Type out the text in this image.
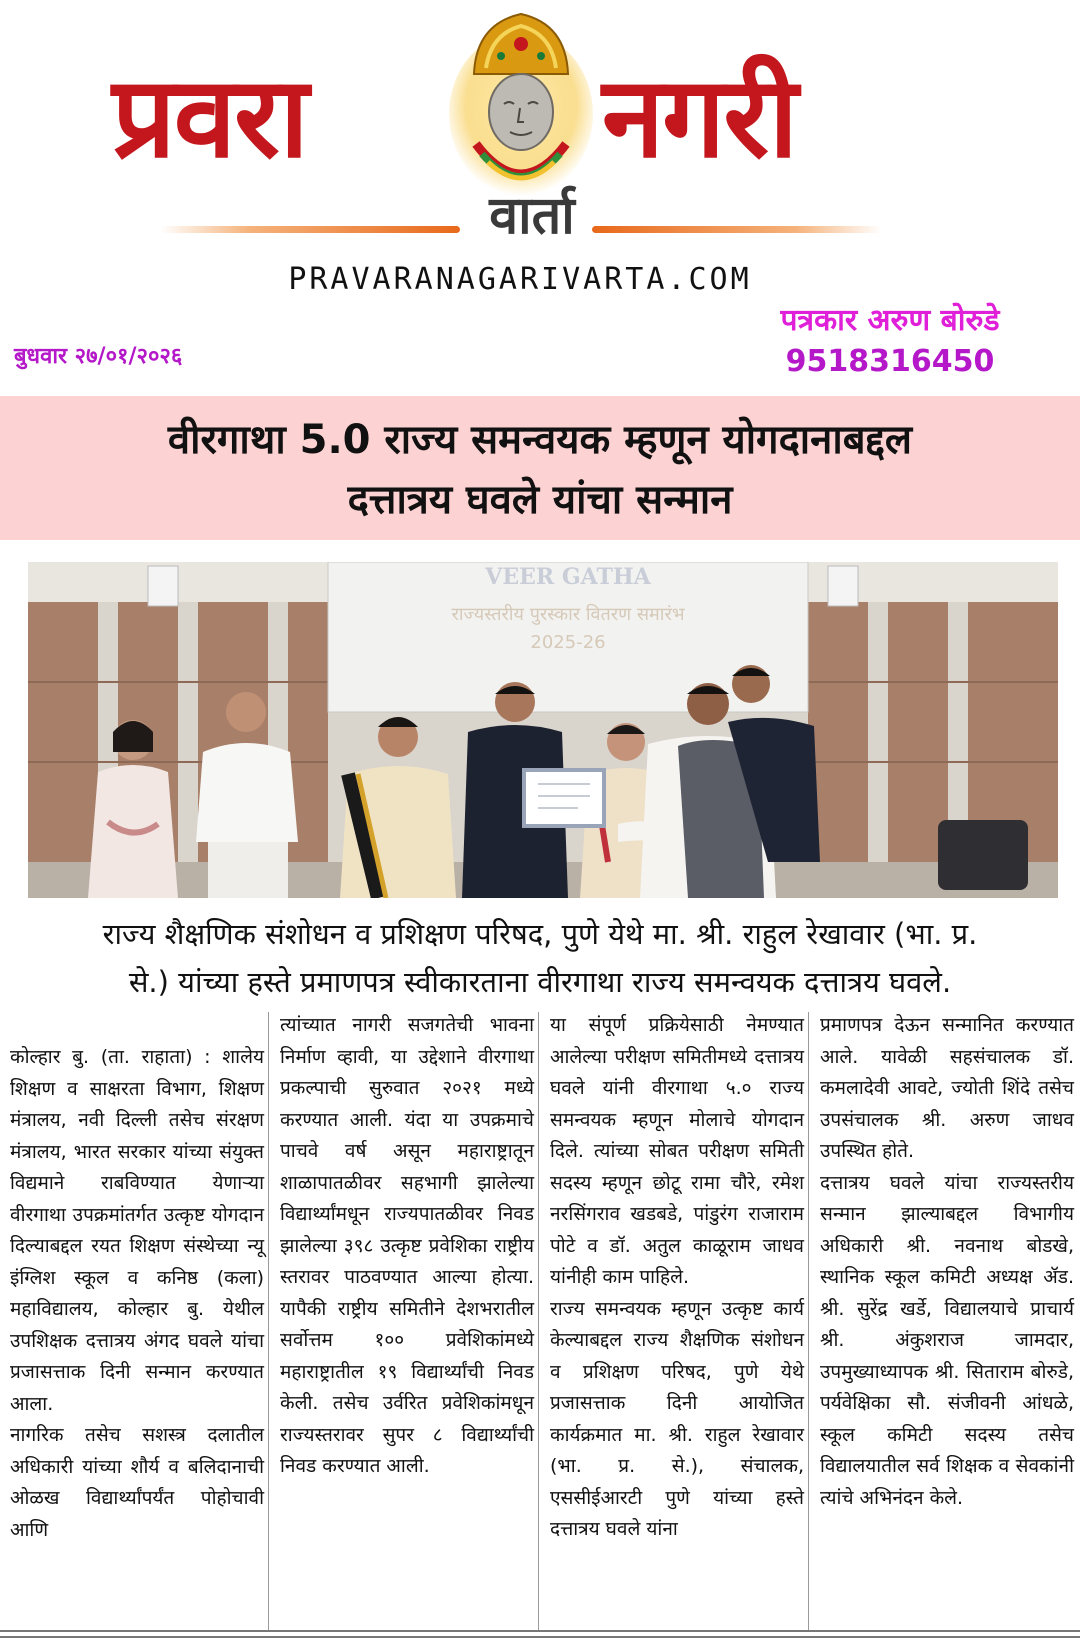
प्रवरा	नगरी
वार्ता
PRAVARANAGARIVARTA.COM
पत्रकार अरुण बोरुडे
9518316450
बुधवार २७/०१/२०२६
वीरगाथा 5.0 राज्य समन्वयक म्हणून योगदानाबद्दल
दत्तात्रय घवले यांचा सन्मान
VEER GATHA
राज्यस्तरीय पुरस्कार वितरण समारंभ
2025-26
राज्य शैक्षणिक संशोधन व प्रशिक्षण परिषद, पुणे येथे मा. श्री. राहुल रेखावार (भा. प्र.
से.) यांच्या हस्ते प्रमाणपत्र स्वीकारताना वीरगाथा राज्य समन्वयक दत्तात्रय घवले.

कोल्हार बु. (ता. राहाता) : शालेय शिक्षण व साक्षरता विभाग, शिक्षण मंत्रालय, नवी दिल्ली तसेच संरक्षण मंत्रालय, भारत सरकार यांच्या संयुक्त विद्यमाने राबविण्यात येणाऱ्या वीरगाथा उपक्रमांतर्गत उत्कृष्ट योगदान दिल्याबद्दल रयत शिक्षण संस्थेच्या न्यू इंग्लिश स्कूल व कनिष्ठ (कला) महाविद्यालय, कोल्हार बु. येथील उपशिक्षक दत्तात्रय अंगद घवले यांचा प्रजासत्ताक दिनी सन्मान करण्यात आला.

नागरिक तसेच सशस्त्र दलातील अधिकारी यांच्या शौर्य व बलिदानाची ओळख विद्यार्थ्यांपर्यंत पोहोचावी आणि

त्यांच्यात नागरी सजगतेची भावना निर्माण व्हावी, या उद्देशाने वीरगाथा प्रकल्पाची सुरुवात २०२१ मध्ये करण्यात आली. यंदा या उपक्रमाचे पाचवे वर्ष असून महाराष्ट्रातून शाळापातळीवर सहभागी झालेल्या विद्यार्थ्यांमधून राज्यपातळीवर निवड झालेल्या ३९८ उत्कृष्ट प्रवेशिका राष्ट्रीय स्तरावर पाठवण्यात आल्या होत्या. यापैकी राष्ट्रीय समितीने देशभरातील सर्वोत्तम १०० प्रवेशिकांमध्ये महाराष्ट्रातील १९ विद्यार्थ्यांची निवड केली. तसेच उर्वरित प्रवेशिकांमधून राज्यस्तरावर सुपर ८ विद्यार्थ्यांची निवड करण्यात आली.

या संपूर्ण प्रक्रियेसाठी नेमण्यात आलेल्या परीक्षण समितीमध्ये दत्तात्रय घवले यांनी वीरगाथा ५.० राज्य समन्वयक म्हणून मोलाचे योगदान दिले. त्यांच्या सोबत परीक्षण समिती सदस्य म्हणून छोटू रामा चौरे, रमेश नरसिंगराव खडबडे, पांडुरंग राजाराम पोटे व डॉ. अतुल काळूराम जाधव यांनीही काम पाहिले.

राज्य समन्वयक म्हणून उत्कृष्ट कार्य केल्याबद्दल राज्य शैक्षणिक संशोधन व प्रशिक्षण परिषद, पुणे येथे प्रजासत्ताक दिनी आयोजित कार्यक्रमात मा. श्री. राहुल रेखावार (भा. प्र. से.), संचालक, एससीईआरटी पुणे यांच्या हस्ते दत्तात्रय घवले यांना

प्रमाणपत्र देऊन सन्मानित करण्यात आले. यावेळी सहसंचालक डॉ. कमलादेवी आवटे, ज्योती शिंदे तसेच उपसंचालक श्री. अरुण जाधव उपस्थित होते.

दत्तात्रय घवले यांचा राज्यस्तरीय सन्मान झाल्याबद्दल विभागीय अधिकारी श्री. नवनाथ बोडखे, स्थानिक स्कूल कमिटी अध्यक्ष ॲड. श्री. सुरेंद्र खर्डे, विद्यालयाचे प्राचार्य श्री. अंकुशराज जामदार, उपमुख्याध्यापक श्री. सिताराम बोरुडे, पर्यवेक्षिका सौ. संजीवनी आंधळे, स्कूल कमिटी सदस्य तसेच विद्यालयातील सर्व शिक्षक व सेवकांनी त्यांचे अभिनंदन केले.
